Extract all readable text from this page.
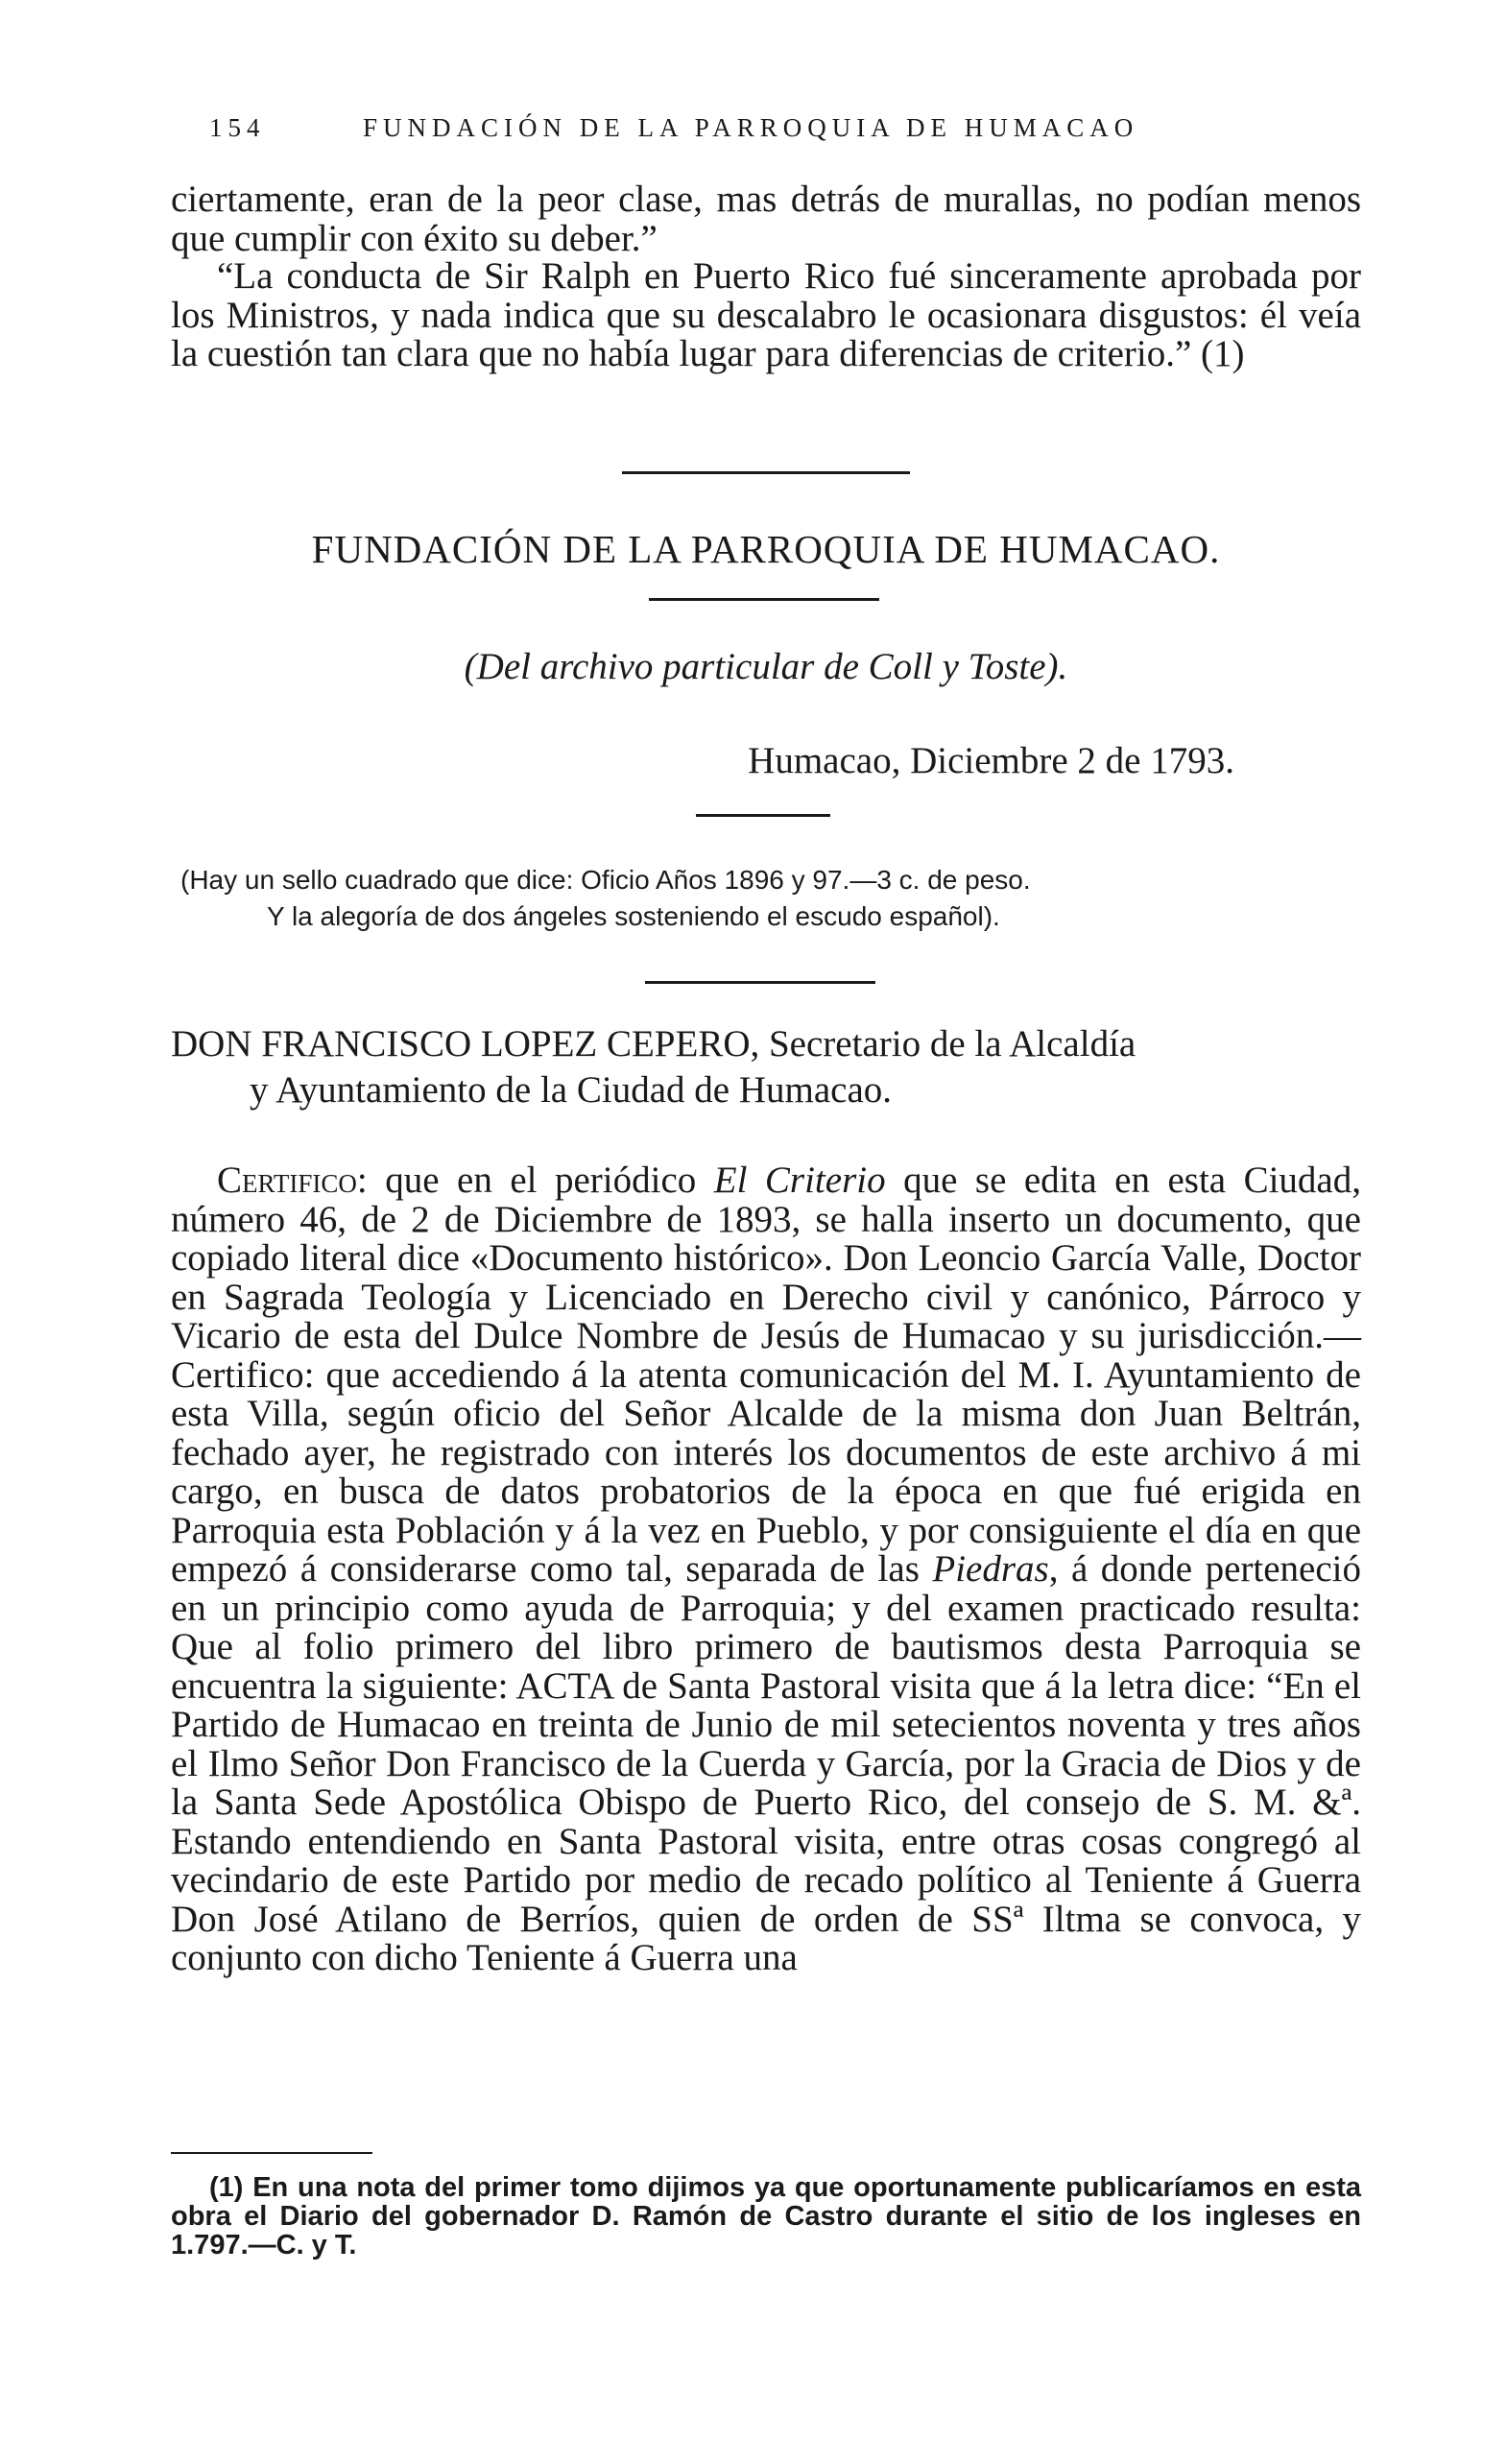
154	FUNDACIÓN DE LA PARROQUIA DE HUMACAO

ciertamente, eran de la peor clase, mas detrás de murallas, no podían menos que cumplir con éxito su deber.”

“La conducta de Sir Ralph en Puerto Rico fué sinceramente aprobada por los Ministros, y nada indica que su descalabro le ocasionara disgustos: él veía la cuestión tan clara que no había lugar para diferencias de criterio.” (1)

FUNDACIÓN DE LA PARROQUIA DE HUMACAO.
(Del archivo particular de Coll y Toste).
Humacao, Diciembre 2 de 1793.

(Hay un sello cuadrado que dice: Oficio Años 1896 y 97.—3 c. de peso.
Y la alegoría de dos ángeles sosteniendo el escudo español).

DON FRANCISCO LOPEZ CEPERO, Secretario de la Alcaldía
y Ayuntamiento de la Ciudad de Humacao.

Certifico: que en el periódico El Criterio que se edita en esta Ciudad, número 46, de 2 de Diciembre de 1893, se halla inserto un documento, que copiado literal dice «Documento histórico». Don Leoncio García Valle, Doctor en Sagrada Teología y Licenciado en Derecho civil y canónico, Párroco y Vicario de esta del Dulce Nombre de Jesús de Humacao y su jurisdicción.—Certifico: que accediendo á la atenta comunicación del M. I. Ayuntamiento de esta Villa, según oficio del Señor Alcalde de la misma don Juan Beltrán, fechado ayer, he registrado con interés los documentos de este archivo á mi cargo, en busca de datos probatorios de la época en que fué erigida en Parroquia esta Población y á la vez en Pueblo, y por consiguiente el día en que empezó á considerarse como tal, separada de las Piedras, á donde perteneció en un principio como ayuda de Parroquia; y del examen practicado resulta: Que al folio primero del libro primero de bautismos desta Parroquia se encuentra la siguiente: ACTA de Santa Pastoral visita que á la letra dice: “En el Partido de Humacao en treinta de Junio de mil setecientos noventa y tres años el Ilmo Señor Don Francisco de la Cuerda y García, por la Gracia de Dios y de la Santa Sede Apostólica Obispo de Puerto Rico, del consejo de S. M. &ª. Estando entendiendo en Santa Pastoral visita, entre otras cosas congregó al vecindario de este Partido por medio de recado político al Teniente á Guerra Don José Atilano de Berríos, quien de orden de SSª Iltma se convoca, y conjunto con dicho Teniente á Guerra una

(1) En una nota del primer tomo dijimos ya que oportunamente publicaríamos en esta obra el Diario del gobernador D. Ramón de Castro durante el sitio de los ingleses en 1.797.—C. y T.
